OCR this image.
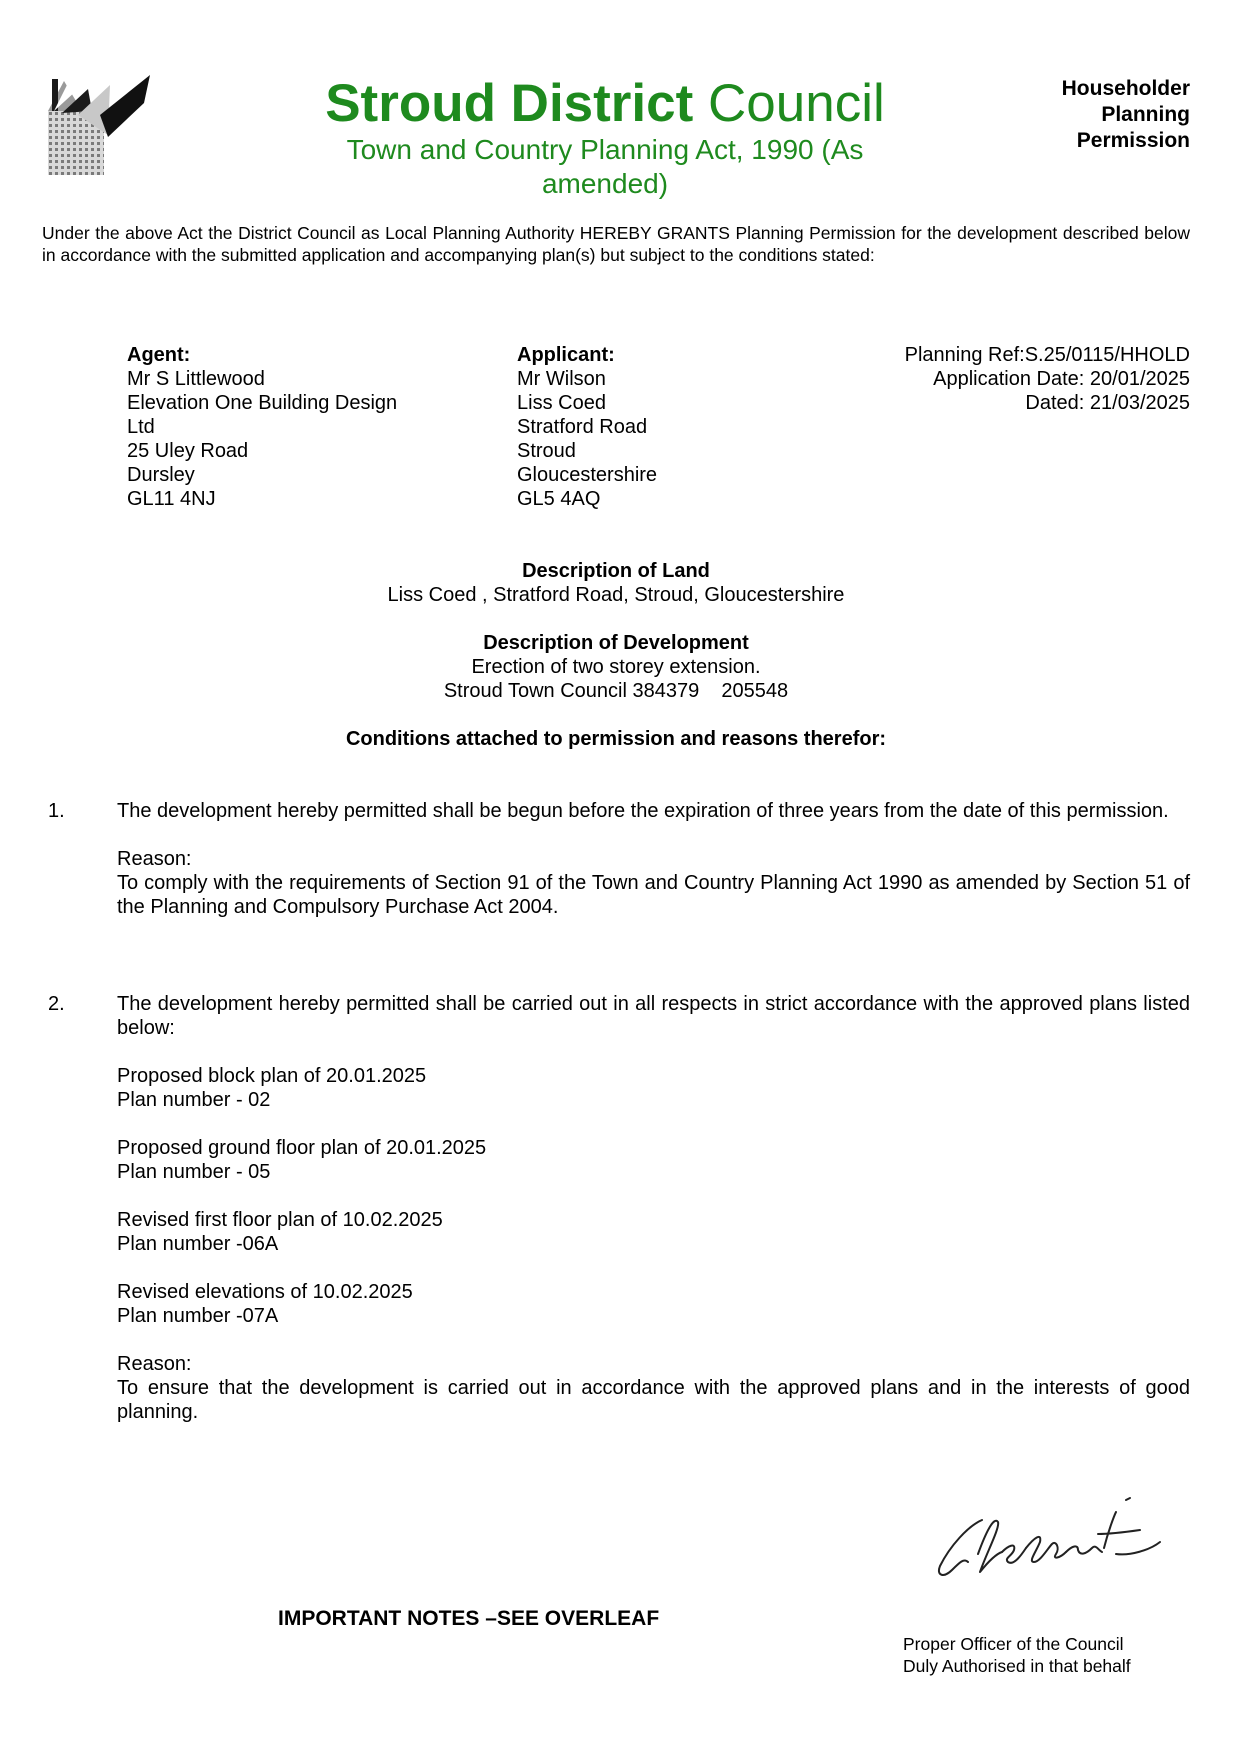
Stroud District Council
Town and Country Planning Act, 1990 (As amended)
Householder
Planning
Permission
Under the above Act the District Council as Local Planning Authority HEREBY GRANTS Planning Permission for the development described below in accordance with the submitted application and accompanying plan(s) but subject to the conditions stated:
Agent:
Mr S Littlewood
Elevation One Building Design
Ltd
25 Uley Road
Dursley
GL11 4NJ
Applicant:
Mr Wilson
Liss Coed
Stratford Road
Stroud
Gloucestershire
GL5 4AQ
Planning Ref:S.25/0115/HHOLD
Application Date: 20/01/2025
Dated: 21/03/2025
Description of Land
Liss Coed , Stratford Road, Stroud, Gloucestershire
Description of Development
Erection of two storey extension.
Stroud Town Council 384379    205548
Conditions attached to permission and reasons therefor:
1.	The development hereby permitted shall be begun before the expiration of three years from the date of this permission.

Reason:

To comply with the requirements of Section 91 of the Town and Country Planning Act 1990 as amended by Section 51 of the Planning and Compulsory Purchase Act 2004.

2.	The development hereby permitted shall be carried out in all respects in strict accordance with the approved plans listed below:

Proposed block plan of 20.01.2025

Plan number - 02

Proposed ground floor plan of 20.01.2025

Plan number - 05

Revised first floor plan of 10.02.2025

Plan number -06A

Revised elevations of 10.02.2025

Plan number -07A

Reason:

To ensure that the development is carried out in accordance with the approved plans and in the interests of good planning.

IMPORTANT NOTES –SEE OVERLEAF
Proper Officer of the Council
Duly Authorised in that behalf
